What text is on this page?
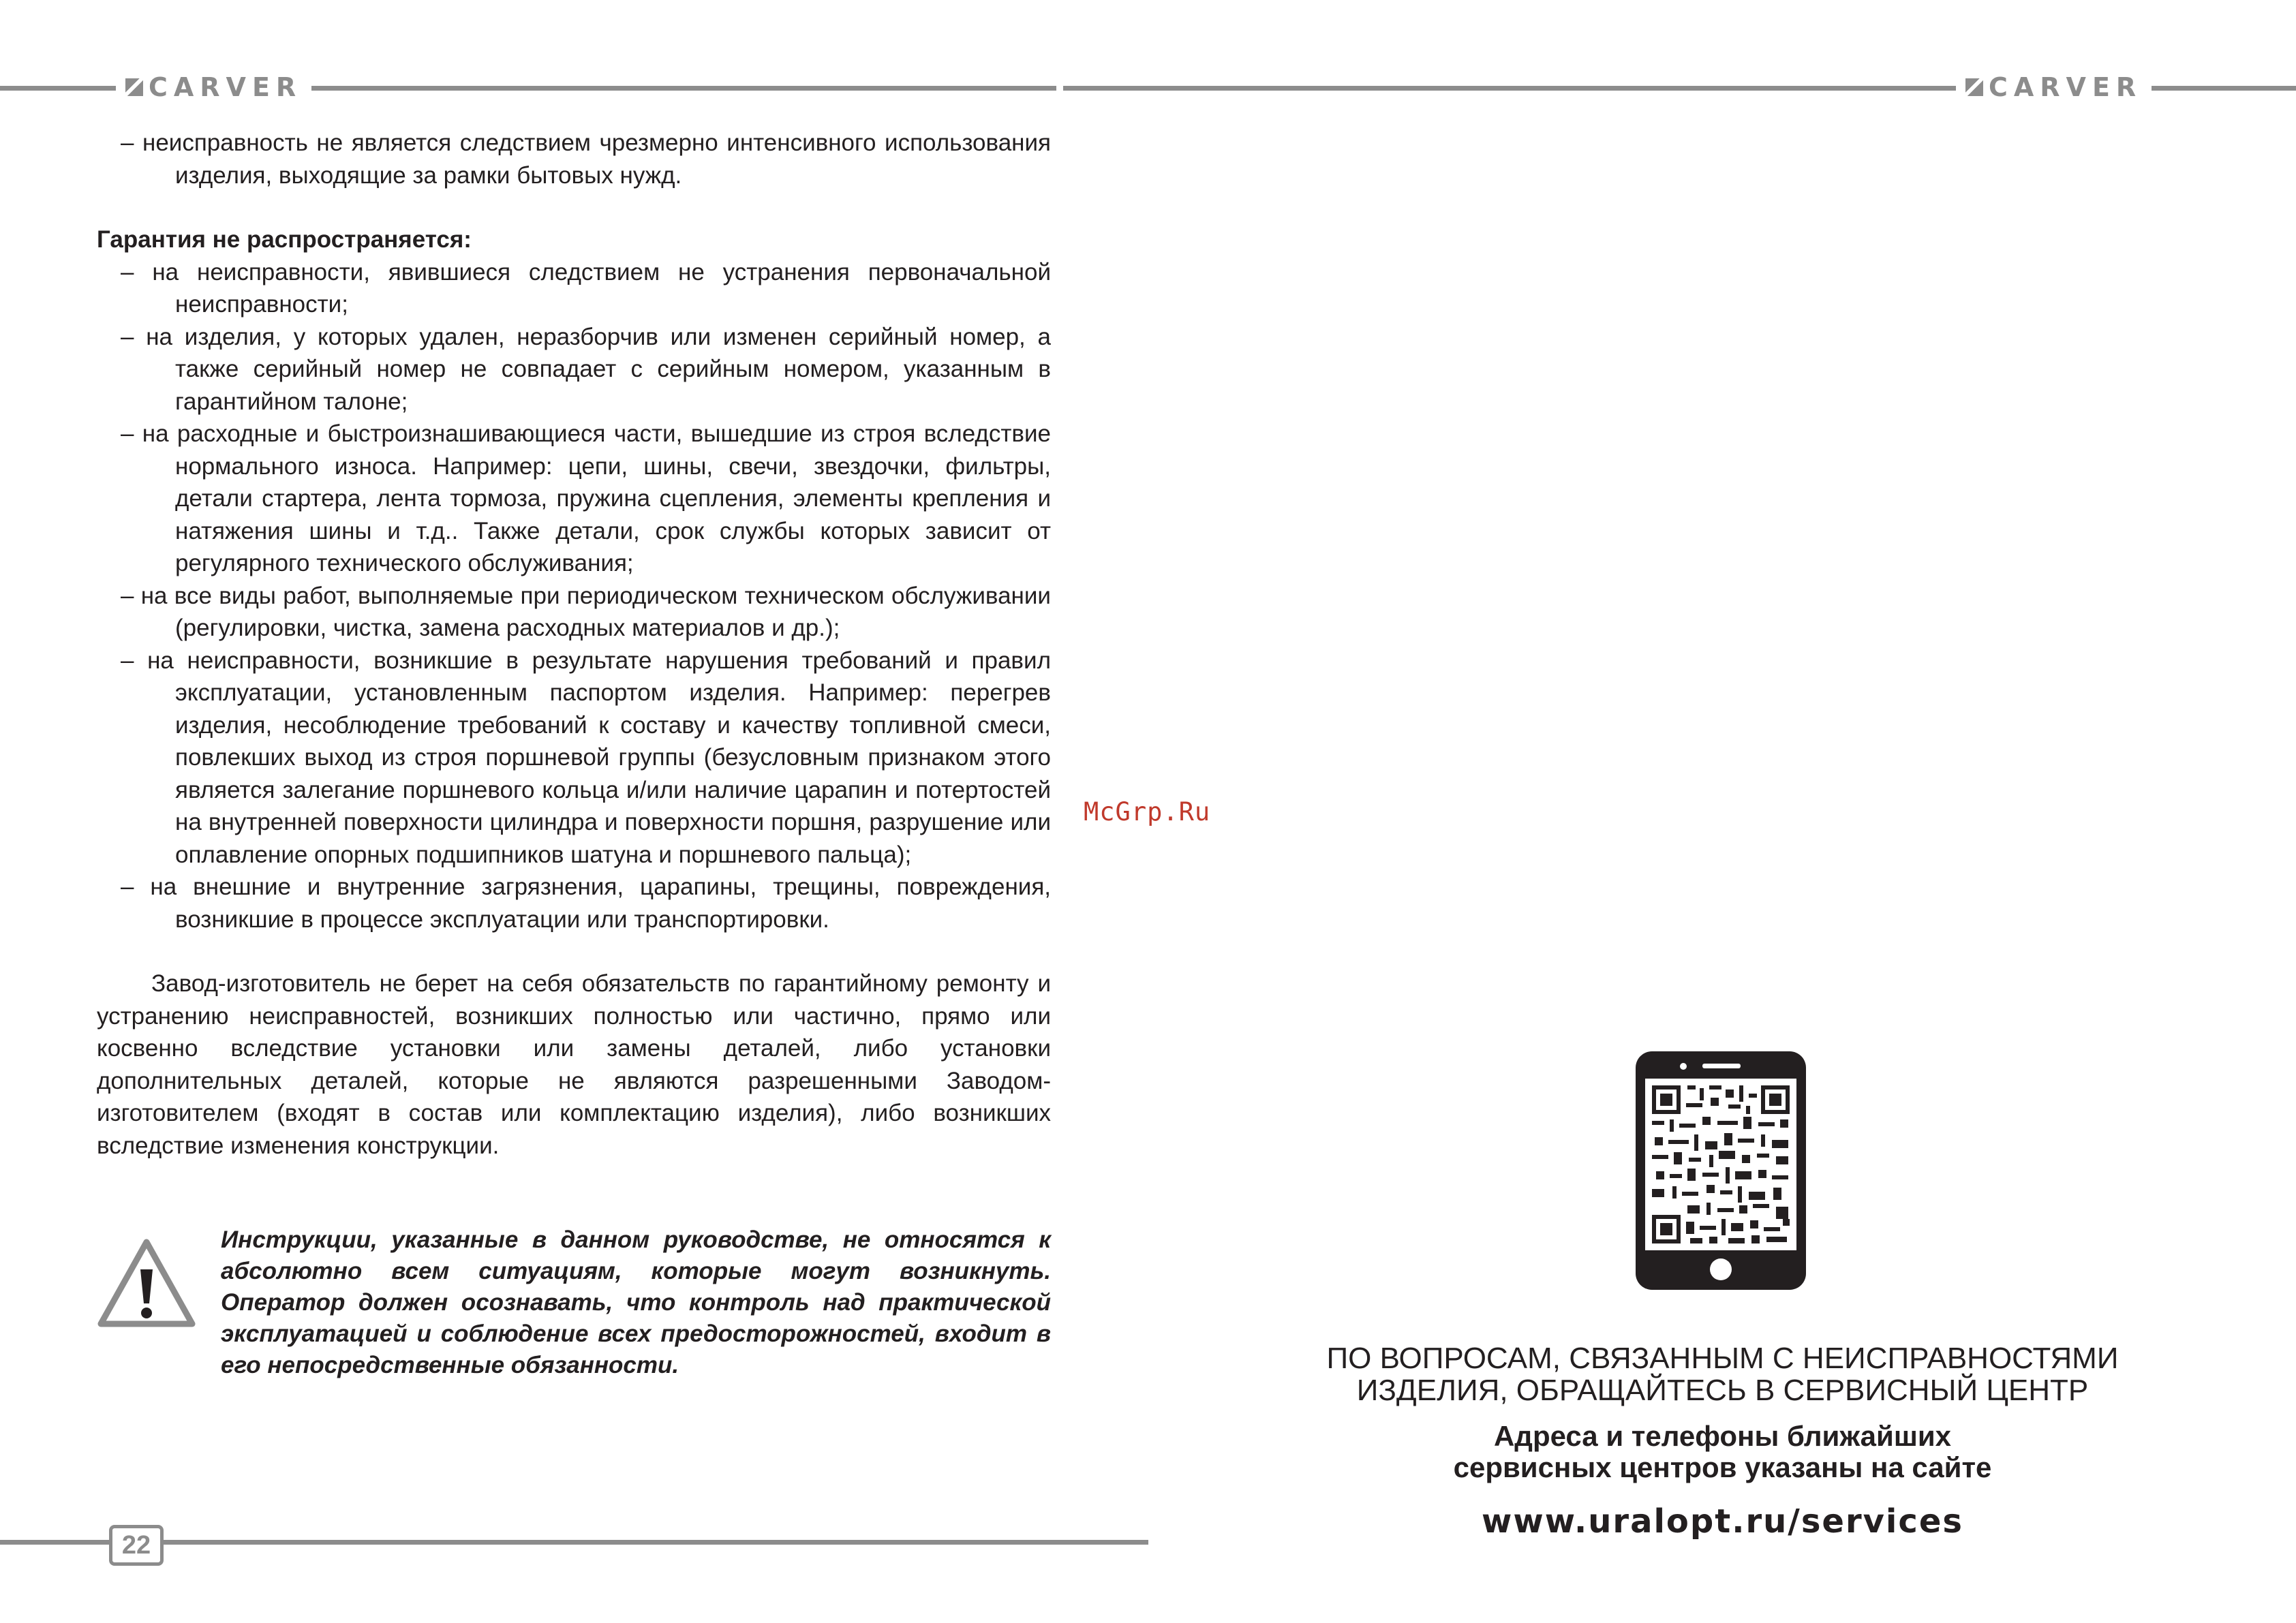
CARVER	CARVER

– неисправность не является следствием чрезмерно интенсивного использования изделия, выходящие за рамки бытовых нужд.

Гарантия не распространяется:

– на неисправности, явившиеся следствием не устранения первоначальной неисправности;

– на изделия, у которых удален, неразборчив или изменен серийный номер, а также серийный номер не совпадает с серийным номером, указанным в гарантийном талоне;

– на расходные и быстроизнашивающиеся части, вышедшие из строя вследствие нормального износа. Например: цепи, шины, свечи, звездочки, фильтры, детали стартера, лента тормоза, пружина сцепления, элементы крепления и натяжения шины и т.д.. Также детали, срок службы которых зависит от регулярного технического обслуживания;

– на все виды работ, выполняемые при периодическом техническом обслуживании (регулировки, чистка, замена расходных материалов и др.);

– на неисправности, возникшие в результате нарушения требований и правил эксплуатации, установленным паспортом изделия. Например: перегрев изделия, несоблюдение требований к составу и качеству топливной смеси, повлекших выход из строя поршневой группы (безусловным признаком этого является залегание поршневого кольца и/или наличие царапин и потертостей на внутренней поверхности цилиндра и поверхности поршня, разрушение или оплавление опорных подшипников шатуна и поршневого пальца);

– на внешние и внутренние загрязнения, царапины, трещины, повреждения, возникшие в процессе эксплуатации или транспортировки.

Завод-изготовитель не берет на себя обязательств по гарантийному ремонту и устранению неисправностей, возникших полностью или частично, прямо или косвенно вследствие установки или замены деталей, либо установки дополнительных деталей, которые не являются разрешенными Заводом-изготовителем (входят в состав или комплектацию изделия), либо возникших вследствие изменения конструкции.

Инструкции, указанные в данном руководстве, не относятся к абсолютно всем ситуациям, которые могут возникнуть. Оператор должен осознавать, что контроль над практической эксплуатацией и соблюдение всех предосторожностей, входит в его непосредственные обязанности.
McGrp.Ru
ПО ВОПРОСАМ, СВЯЗАННЫМ С НЕИСПРАВНОСТЯМИ
ИЗДЕЛИЯ, ОБРАЩАЙТЕСЬ В СЕРВИСНЫЙ ЦЕНТР
Адреса и телефоны ближайших
сервисных центров указаны на сайте
www.uralopt.ru/services
22
